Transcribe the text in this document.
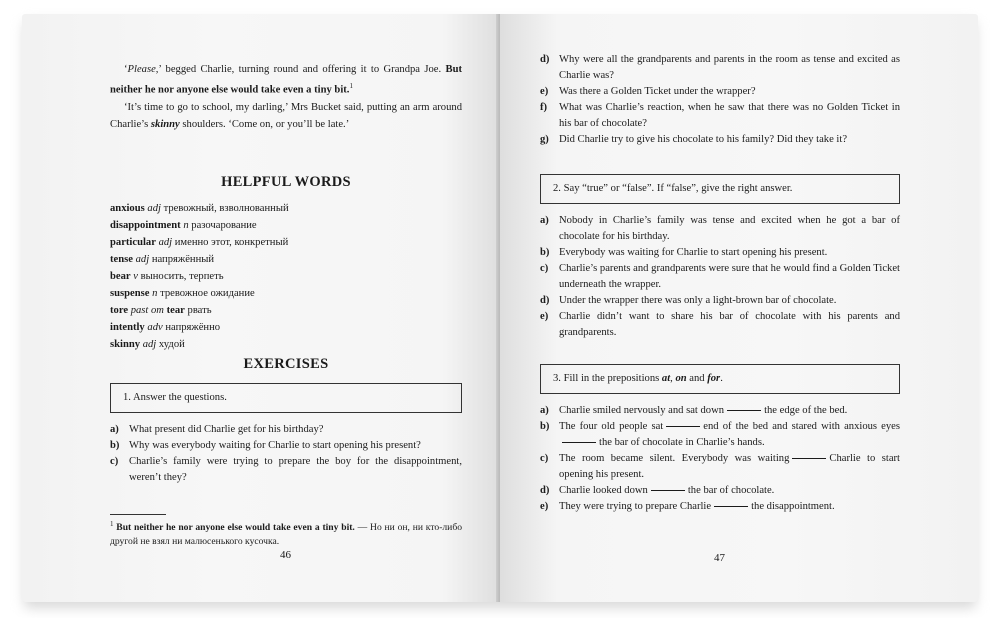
‘Please,’ begged Charlie, turning round and offering it to Grandpa Joe. But neither he nor anyone else would take even a tiny bit.$^1$

‘It’s time to go to school, my darling,’ Mrs Bucket said, putting an arm around Charlie’s skinny shoulders. ‘Come on, or you’ll be late.’

HELPFUL WORDS
anxious adj тревожный, взволнованный
disappointment n разочарование
particular adj именно этот, конкретный
tense adj напряжённый
bear v выносить, терпеть
suspense n тревожное ожидание
tore past от tear рвать
intently adv напряжённо
skinny adj худой
EXERCISES
1. Answer the questions.
a) What present did Charlie get for his birthday?
b) Why was everybody waiting for Charlie to start opening his present?
c)	Charlie’s family were trying to prepare the boy for the disappointment, weren’t they?
$^1$ But neither he nor anyone else would take even a tiny bit. — Но ни он, ни кто-либо другой не взял ни малюсенького кусочка.
46
d) Why were all the grandparents and parents in the room as tense and excited as Charlie was?
e)	Was there a Golden Ticket under the wrapper?
f)	What was Charlie’s reaction, when he saw that there was no Golden Ticket in his bar of chocolate?
g) Did Charlie try to give his chocolate to his family? Did they take it?
2. Say “true” or “false”. If “false”, give the right answer.
a) Nobody in Charlie’s family was tense and excited when he got a bar of chocolate for his birthday.
b) Everybody was waiting for Charlie to start opening his present.
c)	Charlie’s parents and grandparents were sure that he would find a Golden Ticket underneath the wrapper.
d) Under the wrapper there was only a light-brown bar of chocolate.
e)	Charlie didn’t want to share his bar of chocolate with his parents and grandparents.
3. Fill in the prepositions at, on and for.
a) Charlie smiled nervously and sat down	the edge of the bed.
b) The four old people sat	end of the bed and stared with anxious eyesthe bar of chocolate in Charlie’s hands.
c)	The room became silent. Everybody was waiting	Charlie to start opening his present.
d) Charlie looked down	the bar of chocolate.
e)	They were trying to prepare Charlie	the disappointment.
47
